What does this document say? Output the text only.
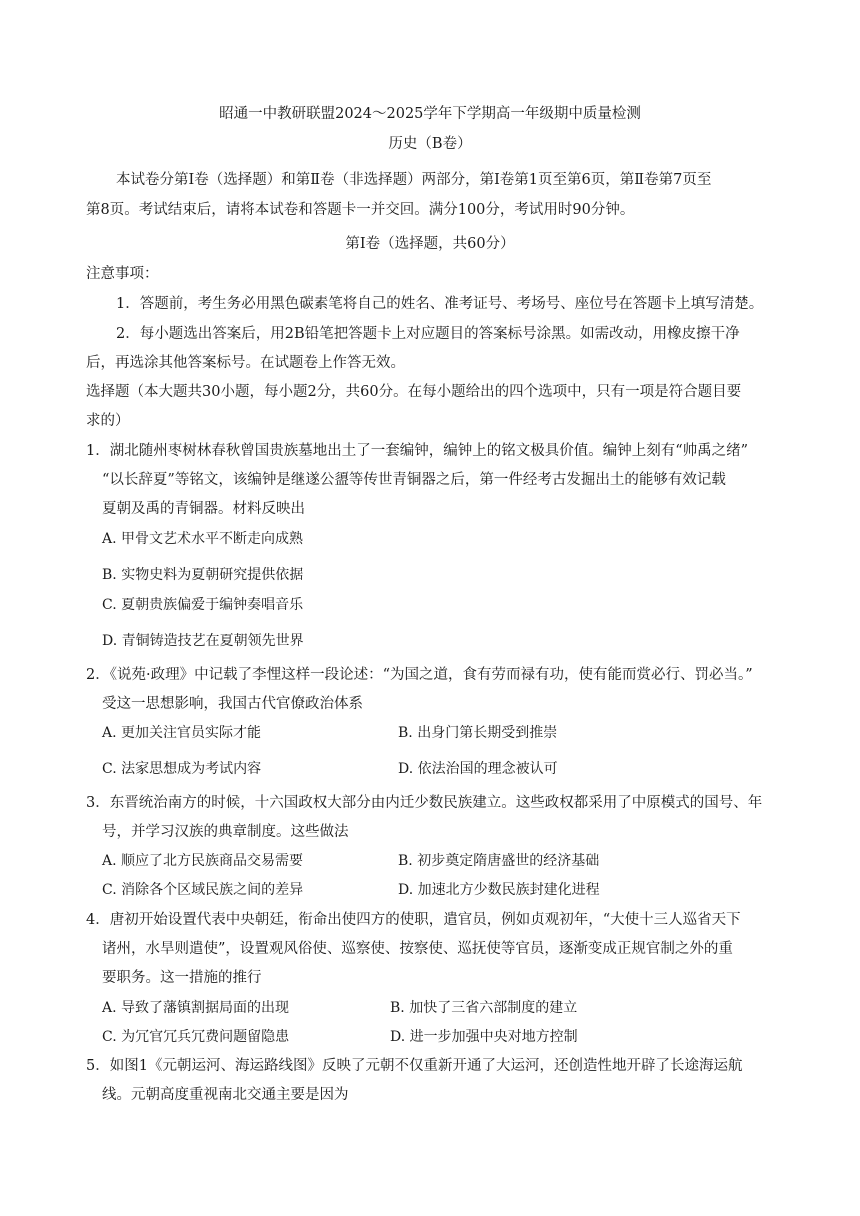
昭通一中教研联盟2024～2025学年下学期高一年级期中质量检测
历史（B卷）
本试卷分第Ⅰ卷（选择题）和第Ⅱ卷（非选择题）两部分，第Ⅰ卷第1页至第6页，第Ⅱ卷第7页至
第8页。考试结束后，请将本试卷和答题卡一并交回。满分100分，考试用时90分钟。
第Ⅰ卷（选择题，共60分）
注意事项：
1．答题前，考生务必用黑色碳素笔将自己的姓名、准考证号、考场号、座位号在答题卡上填写清楚。
2．每小题选出答案后，用2B铅笔把答题卡上对应题目的答案标号涂黑。如需改动，用橡皮擦干净
后，再选涂其他答案标号。在试题卷上作答无效。
选择题（本大题共30小题，每小题2分，共60分。在每小题给出的四个选项中，只有一项是符合题目要
求的）
1．湖北随州枣树林春秋曾国贵族墓地出土了一套编钟，编钟上的铭文极具价值。编钟上刻有“帅禹之绪”
“以长辞夏”等铭文，该编钟是继遂公盨等传世青铜器之后，第一件经考古发掘出土的能够有效记载
夏朝及禹的青铜器。材料反映出
A. 甲骨文艺术水平不断走向成熟
B. 实物史料为夏朝研究提供依据
C. 夏朝贵族偏爱于编钟奏唱音乐
D. 青铜铸造技艺在夏朝领先世界
2．《说苑·政理》中记载了李悝这样一段论述：“为国之道，食有劳而禄有功，使有能而赏必行、罚必当。”
受这一思想影响，我国古代官僚政治体系
A. 更加关注官员实际才能	B. 出身门第长期受到推崇
C. 法家思想成为考试内容	D. 依法治国的理念被认可
3．东晋统治南方的时候，十六国政权大部分由内迁少数民族建立。这些政权都采用了中原模式的国号、年
号，并学习汉族的典章制度。这些做法
A. 顺应了北方民族商品交易需要	B. 初步奠定隋唐盛世的经济基础
C. 消除各个区域民族之间的差异	D. 加速北方少数民族封建化进程
4．唐初开始设置代表中央朝廷，衔命出使四方的使职，遣官员，例如贞观初年，“大使十三人巡省天下
诸州，水旱则遣使”，设置观风俗使、巡察使、按察使、巡抚使等官员，逐渐变成正规官制之外的重
要职务。这一措施的推行
A. 导致了藩镇割据局面的出现	B. 加快了三省六部制度的建立
C. 为冗官冗兵冗费问题留隐患	D. 进一步加强中央对地方控制
5．如图1《元朝运河、海运路线图》反映了元朝不仅重新开通了大运河，还创造性地开辟了长途海运航
线。元朝高度重视南北交通主要是因为
